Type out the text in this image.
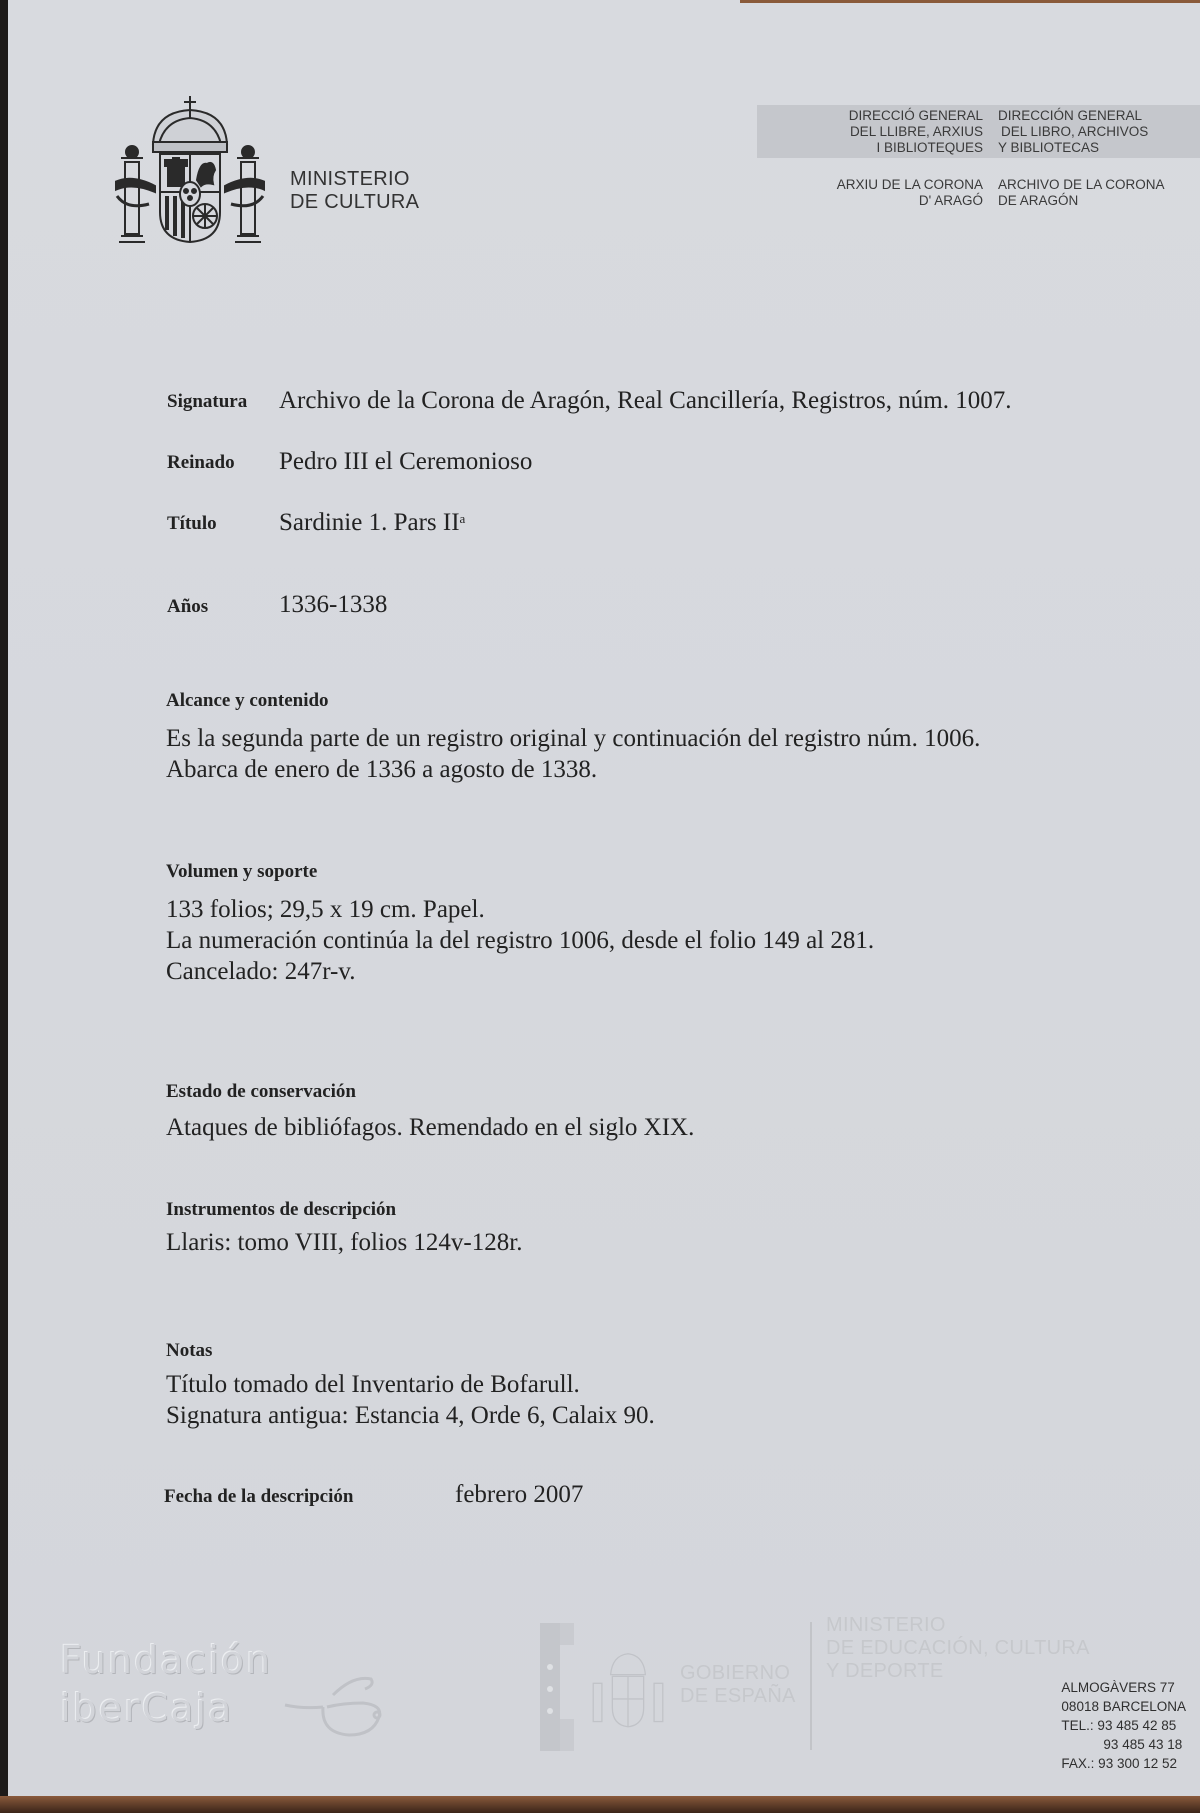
MINISTERIO
DE CULTURA
DIRECCIÓ GENERAL
DEL LLIBRE, ARXIUS
I BIBLIOTEQUES
DIRECCIÓN GENERAL
DEL LIBRO, ARCHIVOS
Y BIBLIOTECAS
ARXIU DE LA CORONA
D' ARAGÓ
ARCHIVO DE LA CORONA
DE ARAGÓN
Signatura Archivo de la Corona de Aragón, Real Cancillería, Registros, núm. 1007.
Reinado Pedro III el Ceremonioso
Título Sardinie 1. Pars $II^a$
Años	1336-1338
Alcance y contenido
Es la segunda parte de un registro original y continuación del registro núm. 1006.
Abarca de enero de 1336 a agosto de 1338.
Volumen y soporte
133 folios; 29,5 x 19 cm. Papel.
La numeración continúa la del registro 1006, desde el folio 149 al 281.
Cancelado: 247r-v.
Estado de conservación
Ataques de bibliófagos. Remendado en el siglo XIX.
Instrumentos de descripción
Llaris: tomo VIII, folios 124v-128r.
Notas
Título tomado del Inventario de Bofarull.
Signatura antigua: Estancia 4, Orde 6, Calaix 90.
Fecha de la descripción	febrero 2007
Fundación
iberCaja
GOBIERNO
DE ESPAÑA
MINISTERIO
DE EDUCACIÓN, CULTURA
Y DEPORTE
ALMOGÀVERS 77
08018 BARCELONA
TEL.: 93 485 42 85
93 485 43 18
FAX.: 93 300 12 52
